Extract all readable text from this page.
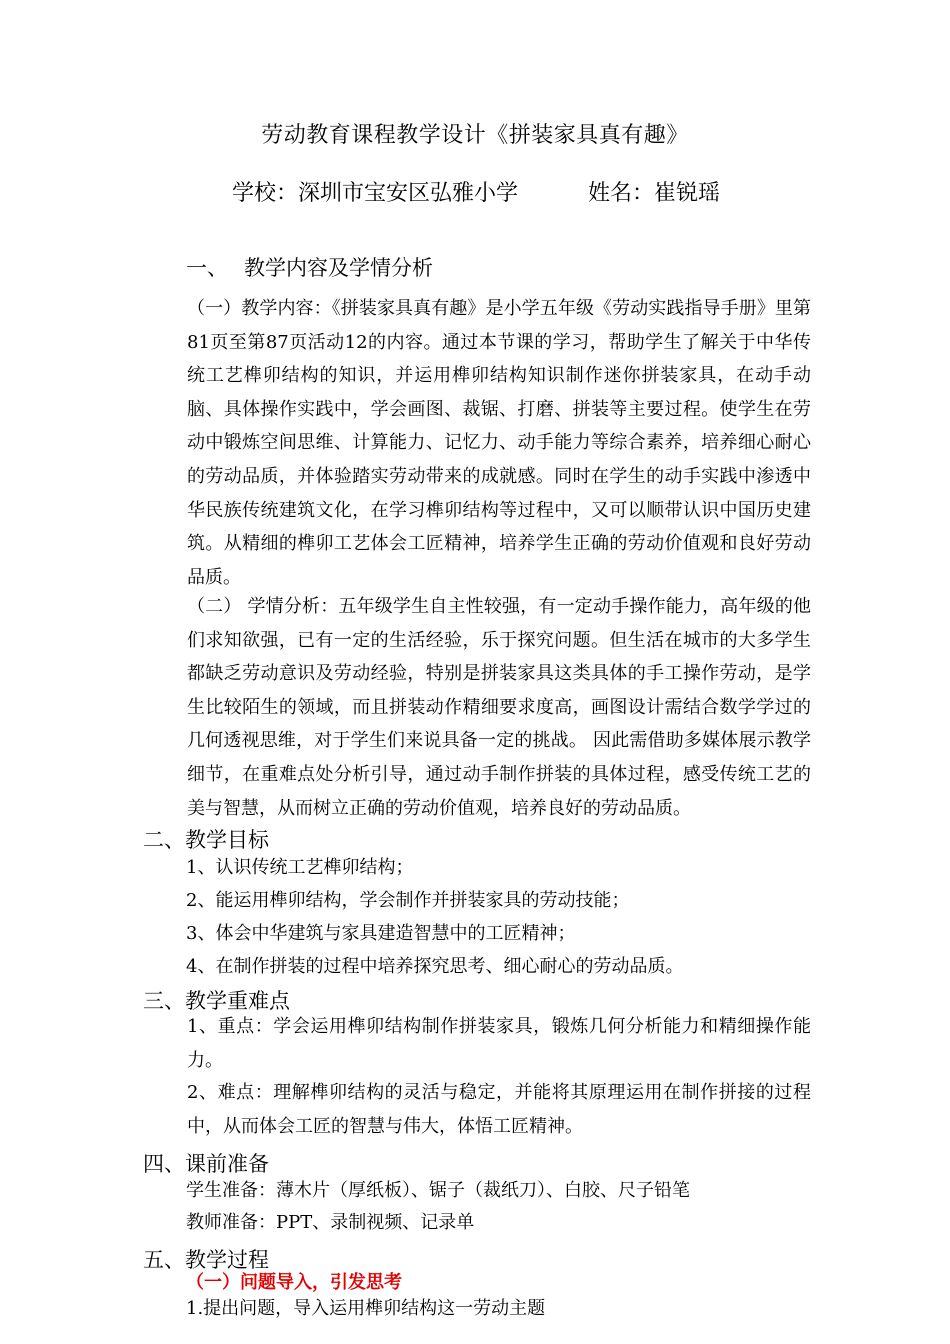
劳动教育课程教学设计《拼装家具真有趣》
学校：深圳市宝安区弘雅小学	姓名：崔锐瑶
一、 教学内容及学情分析
（一）教学内容：《拼装家具真有趣》是小学五年级《劳动实践指导手册》里第81页至第87页活动12的内容。通过本节课的学习，帮助学生了解关于中华传统工艺榫卯结构的知识，并运用榫卯结构知识制作迷你拼装家具，在动手动脑、具体操作实践中，学会画图、裁锯、打磨、拼装等主要过程。使学生在劳动中锻炼空间思维、计算能力、记忆力、动手能力等综合素养，培养细心耐心的劳动品质，并体验踏实劳动带来的成就感。同时在学生的动手实践中渗透中华民族传统建筑文化，在学习榫卯结构等过程中，又可以顺带认识中国历史建筑。从精细的榫卯工艺体会工匠精神，培养学生正确的劳动价值观和良好劳动品质。
（二） 学情分析：五年级学生自主性较强，有一定动手操作能力，高年级的他们求知欲强，已有一定的生活经验，乐于探究问题。但生活在城市的大多学生都缺乏劳动意识及劳动经验，特别是拼装家具这类具体的手工操作劳动，是学生比较陌生的领域，而且拼装动作精细要求度高，画图设计需结合数学学过的几何透视思维，对于学生们来说具备一定的挑战。 因此需借助多媒体展示教学细节，在重难点处分析引导，通过动手制作拼装的具体过程，感受传统工艺的美与智慧，从而树立正确的劳动价值观，培养良好的劳动品质。
二、教学目标
1、认识传统工艺榫卯结构；
2、能运用榫卯结构，学会制作并拼装家具的劳动技能；
3、体会中华建筑与家具建造智慧中的工匠精神；
4、在制作拼装的过程中培养探究思考、细心耐心的劳动品质。
三、教学重难点
1、重点：学会运用榫卯结构制作拼装家具，锻炼几何分析能力和精细操作能力。
2、难点：理解榫卯结构的灵活与稳定，并能将其原理运用在制作拼接的过程中，从而体会工匠的智慧与伟大，体悟工匠精神。
四、课前准备
学生准备：薄木片（厚纸板）、锯子（裁纸刀）、白胶、尺子铅笔
教师准备：PPT、录制视频、记录单
五、教学过程
（一）问题导入，引发思考
1.提出问题，导入运用榫卯结构这一劳动主题
